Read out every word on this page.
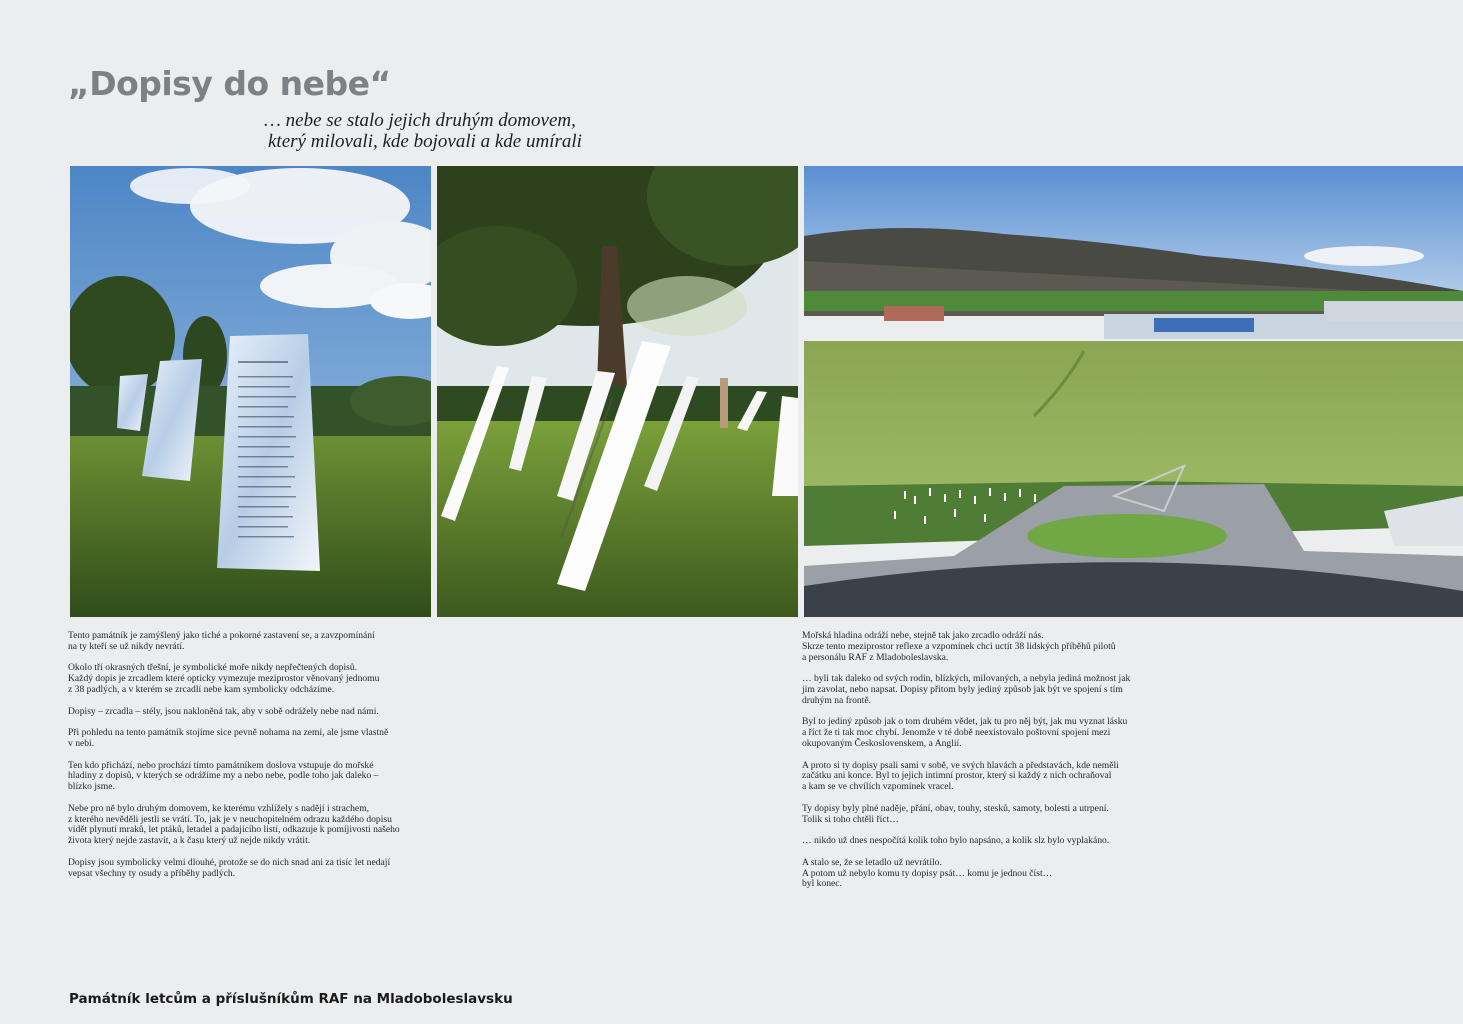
„Dopisy do nebe“
… nebe se stalo jejich druhým domovem,
který milovali, kde bojovali a kde umírali

Tento památník je zamýšlený jako tiché a pokorné zastavení se, a zavzpomínání
na ty kteří se už nikdy nevrátí.

Okolo tří okrasných třešní, je symbolické moře nikdy nepřečtených dopisů.
Každý dopis je zrcadlem které opticky vymezuje meziprostor věnovaný jednomu
z 38 padlých, a v kterém se zrcadlí nebe kam symbolicky odcházíme.

Dopisy – zrcadla – stély, jsou nakloněná tak, aby v sobě odrážely nebe nad námi.

Při pohledu na tento památník stojíme sice pevně nohama na zemi, ale jsme vlastně
v nebi.

Ten kdo přichází, nebo prochází tímto památníkem doslova vstupuje do mořské
hladiny z dopisů, v kterých se odrážíme my a nebo nebe, podle toho jak daleko –
blízko jsme.

Nebe pro ně bylo druhým domovem, ke kterému vzhlížely s nadějí i strachem,
z kterého nevěděli jestli se vrátí. To, jak je v neuchopitelném odrazu každého dopisu
vidět plynutí mraků, let ptáků, letadel a padajícího listí, odkazuje k pomíjivosti našeho
života který nejde zastavit, a k času který už nejde nikdy vrátit.

Dopisy jsou symbolicky velmi dlouhé, protože se do nich snad ani za tisíc let nedají
vepsat všechny ty osudy a příběhy padlých.

Mořská hladina odráží nebe, stejně tak jako zrcadlo odráží nás.
Skrze tento meziprostor reflexe a vzpomínek chci uctít 38 lidských příběhů pilotů
a personálu RAF z Mladoboleslavska.

… byli tak daleko od svých rodin, blízkých, milovaných, a nebyla jediná možnost jak
jim zavolat, nebo napsat. Dopisy přitom byly jediný způsob jak být ve spojení s tím
druhým na frontě.

Byl to jediný způsob jak o tom druhém vědet, jak tu pro něj být, jak mu vyznat lásku
a říct že ti tak moc chybí. Jenomže v té době neexistovalo poštovní spojení mezi
okupovaným Československem, a Anglií.

A proto si ty dopisy psali sami v sobě, ve svých hlavách a představách, kde neměli
začátku ani konce. Byl to jejich intimní prostor, který si každý z nich ochraňoval
a kam se ve chvílích vzpomínek vracel.

Ty dopisy byly plné naděje, přání, obav, touhy, stesků, samoty, bolesti a utrpení.
Tolik si toho chtěli říct…

… nikdo už dnes nespočítá kolik toho bylo napsáno, a kolik slz bylo vyplakáno.

A stalo se, že se letadlo už nevrátilo.
A potom už nebylo komu ty dopisy psát… komu je jednou číst…
byl konec.

Památník letcům a příslušníkům RAF na Mladoboleslavsku
